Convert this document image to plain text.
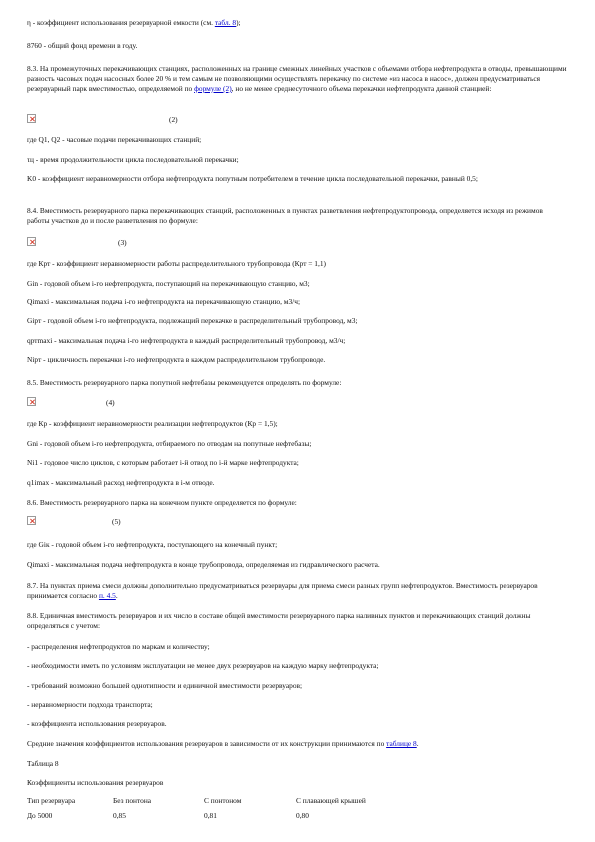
η - коэффициент использования резервуарной емкости (см. табл. 8);

8760 - общий фонд времени в году.

8.3. На промежуточных перекачивающих станциях, расположенных на границе смежных линейных участков с объемами отбора нефтепродукта в отводы, превышающими разность часовых подач насосных более 20 % и тем самым не позволяющими осуществлять перекачку по системе «из насоса в насос», должен предусматриваться резервуарный парк вместимостью, определяемой по формуле (2), но не менее среднесуточного объема перекачки нефтепродукта данной станцией:

(2)

где Q1, Q2 - часовые подачи перекачивающих станций;

τц - время продолжительности цикла последовательной перекачки;

K0 - коэффициент неравномерности отбора нефтепродукта попутным потребителем в течение цикла последовательной перекачки, равный 0,5;

8.4. Вместимость резервуарного парка перекачивающих станций, расположенных в пунктах разветвления нефтепродуктопровода, определяется исходя из режимов работы участков до и после разветвления по формуле:

(3)

где Крт - коэффициент неравномерности работы распределительного трубопровода (Крт = 1,1)

Gin - годовой объем i-го нефтепродукта, поступающий на перекачивающую станцию, м3;

Qimaxi - максимальная подача i-го нефтепродукта на перекачивающую станцию, м3/ч;

Gipт - годовой объем i-го нефтепродукта, подлежащий перекачке в распределительный трубопровод, м3;

qртmaxi - максимальная подача i-го нефтепродукта в каждый распределительный трубопровод, м3/ч;

Nipт - цикличность перекачки i-го нефтепродукта в каждом распределительном трубопроводе.

8.5. Вместимость резервуарного парка попутной нефтебазы рекомендуется определять по формуле:

(4)

где Кр - коэффициент неравномерности реализации нефтепродуктов (Кр = 1,5);

Gni - годовой объем i-го нефтепродукта, отбираемого по отводам на попутные нефтебазы;

Ni1 - годовое число циклов, с которым работает i-й отвод по i-й марке нефтепродукта;

q1imax - максимальный расход нефтепродукта в i-м отводе.

8.6. Вместимость резервуарного парка на конечном пункте определяется по формуле:

(5)

где Giк - годовой объем i-го нефтепродукта, поступающего на конечный пункт;

Qimaxi - максимальная подача нефтепродукта в конце трубопровода, определяемая из гидравлического расчета.

8.7. На пунктах приема смеси должны дополнительно предусматриваться резервуары для приема смеси разных групп нефтепродуктов. Вместимость резервуаров принимается согласно п. 4.5.

8.8. Единичная вместимость резервуаров и их число в составе общей вместимости резервуарного парка наливных пунктов и перекачивающих станций должны определяться с учетом:

- распределения нефтепродуктов по маркам и количеству;

- необходимости иметь по условиям эксплуатации не менее двух резервуаров на каждую марку нефтепродукта;

- требований возможно большей однотипности и единичной вместимости резервуаров;

- неравномерности подхода транспорта;

- коэффициента использования резервуаров.

Средние значения коэффициентов использования резервуаров в зависимости от их конструкции принимаются по таблице 8.

Таблица 8

Коэффициенты использования резервуаров

Тип резервуара	Без понтона	С понтоном	С плавающей крышей
До 5000	0,85	0,81	0,80
